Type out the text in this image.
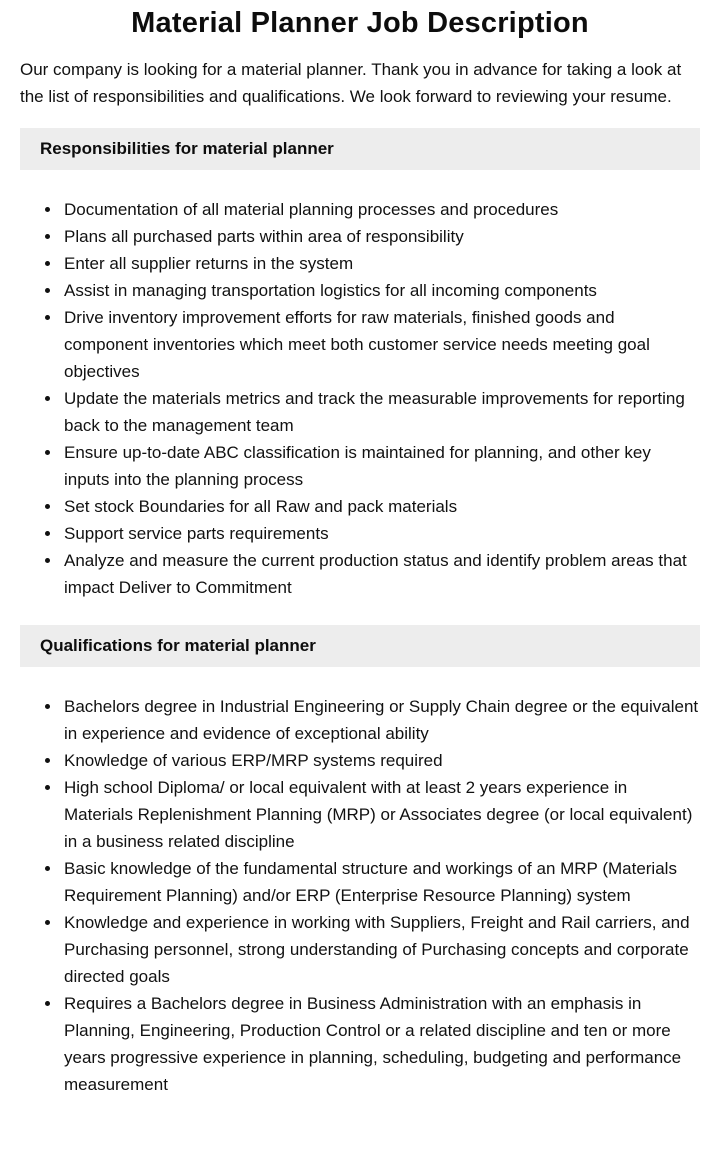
Material Planner Job Description

Our company is looking for a material planner. Thank you in advance for taking a look at the list of responsibilities and qualifications. We look forward to reviewing your resume.

Responsibilities for material planner
• Documentation of all material planning processes and procedures
• Plans all purchased parts within area of responsibility
• Enter all supplier returns in the system
• Assist in managing transportation logistics for all incoming components
• Drive inventory improvement efforts for raw materials, finished goods and component inventories which meet both customer service needs meeting goal objectives
• Update the materials metrics and track the measurable improvements for reporting back to the management team
• Ensure up-to-date ABC classification is maintained for planning, and other key inputs into the planning process
• Set stock Boundaries for all Raw and pack materials
• Support service parts requirements
• Analyze and measure the current production status and identify problem areas that impact Deliver to Commitment
Qualifications for material planner
• Bachelors degree in Industrial Engineering or Supply Chain degree or the equivalent in experience and evidence of exceptional ability
• Knowledge of various ERP/MRP systems required
• High school Diploma/ or local equivalent with at least 2 years experience in Materials Replenishment Planning (MRP) or Associates degree (or local equivalent) in a business related discipline
• Basic knowledge of the fundamental structure and workings of an MRP (Materials Requirement Planning) and/or ERP (Enterprise Resource Planning) system
• Knowledge and experience in working with Suppliers, Freight and Rail carriers, and Purchasing personnel, strong understanding of Purchasing concepts and corporate directed goals
• Requires a Bachelors degree in Business Administration with an emphasis in Planning, Engineering, Production Control or a related discipline and ten or more years progressive experience in planning, scheduling, budgeting and performance measurement
